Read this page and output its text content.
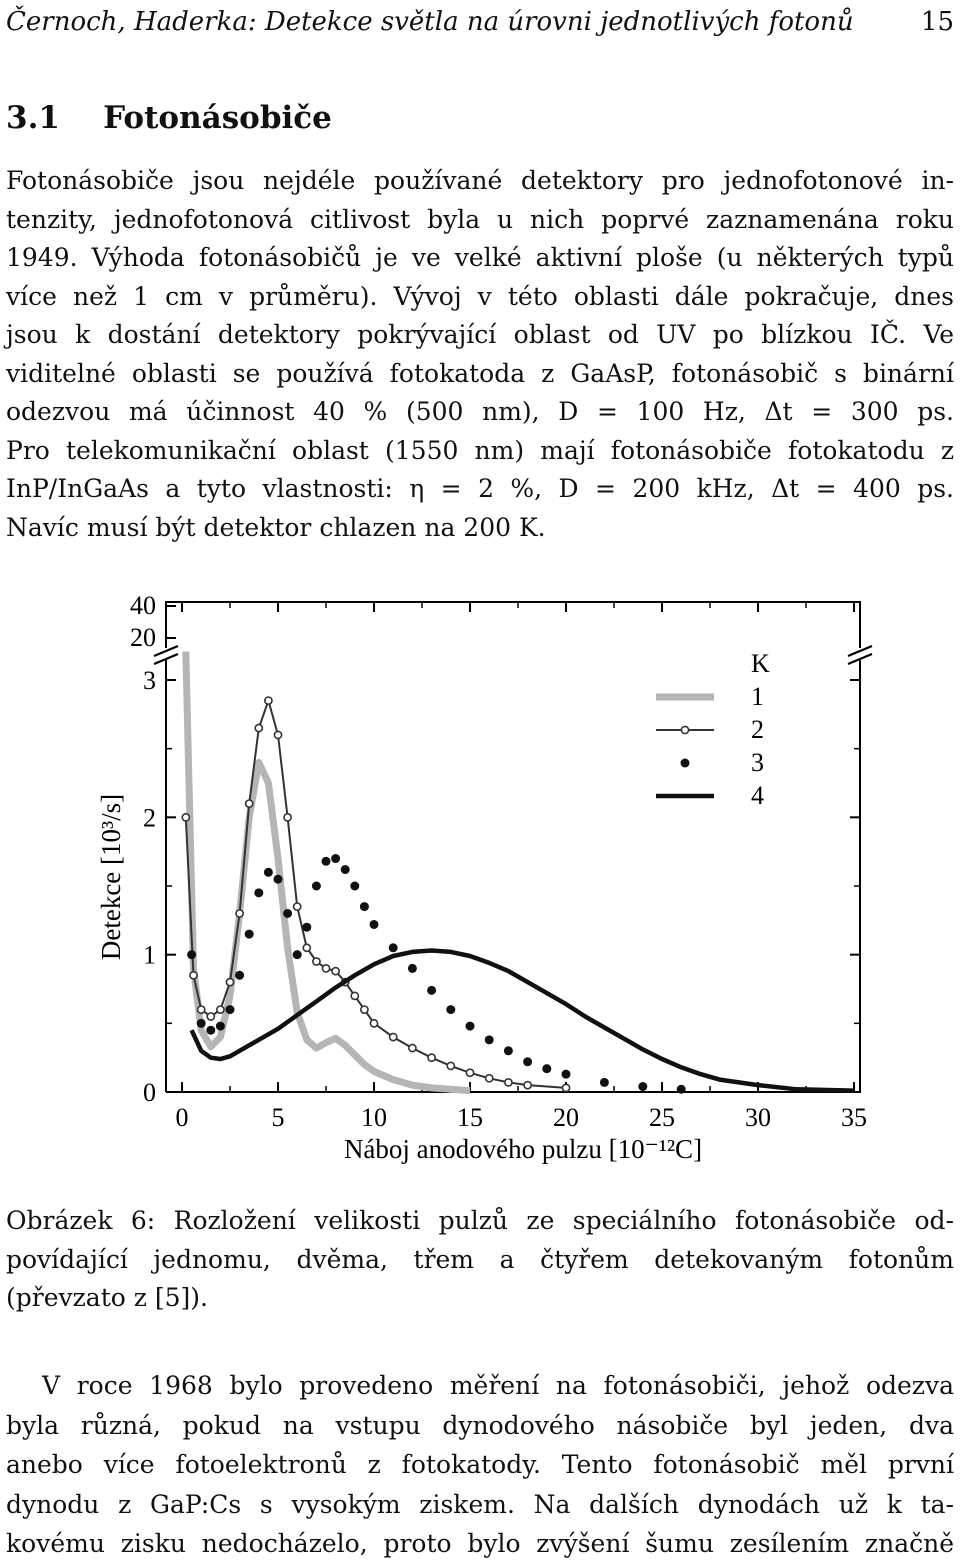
Černoch, Haderka: Detekce světla na úrovni jednotlivých fotonů	15
3.1 Fotonásobiče
Fotonásobiče jsou nejdéle používané detektory pro jednofotonové in-
tenzity, jednofotonová citlivost byla u nich poprvé zaznamenána roku
1949. Výhoda fotonásobičů je ve velké aktivní ploše (u některých typů
více než 1 cm v průměru). Vývoj v této oblasti dále pokračuje, dnes
jsou k dostání detektory pokrývající oblast od UV po blízkou IČ. Ve
viditelné oblasti se používá fotokatoda z GaAsP, fotonásobič s binární
odezvou má účinnost 40 % (500 nm), D = 100 Hz, Δt = 300 ps.
Pro telekomunikační oblast (1550 nm) mají fotonásobiče fotokatodu z
InP/InGaAs a tyto vlastnosti: η = 2 %, D = 200 kHz, Δt = 400 ps.
Navíc musí být detektor chlazen na 200 K.
0	5	10	15	20	25	30	35
0
1
2
3
20
40
Náboj anodového pulzu [10⁻¹²C]
Detekce [10³/s]
K
1
2
3
4
Obrázek 6: Rozložení velikosti pulzů ze speciálního fotonásobiče od-
povídající jednomu, dvěma, třem a čtyřem detekovaným fotonům
(převzato z [5]).
V roce 1968 bylo provedeno měření na fotonásobiči, jehož odezva
byla různá, pokud na vstupu dynodového násobiče byl jeden, dva
anebo více fotoelektronů z fotokatody. Tento fotonásobič měl první
dynodu z GaP:Cs s vysokým ziskem. Na dalších dynodách už k ta-
kovému zisku nedocházelo, proto bylo zvýšení šumu zesílením značně
